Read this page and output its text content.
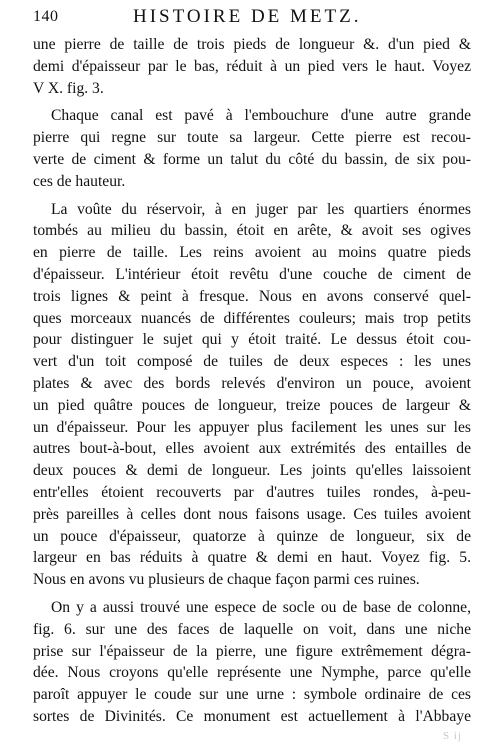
140	HISTOIRE DE METZ.
une pierre de taille de trois pieds de longueur &. d'un pied &
demi d'épaisseur par le bas, réduit à un pied vers le haut. Voyez
V X. fig. 3.
Chaque canal est pavé à l'embouchure d'une autre grande
pierre qui regne sur toute sa largeur. Cette pierre est recou-
verte de ciment & forme un talut du côté du bassin, de six pou-
ces de hauteur.
La voûte du réservoir, à en juger par les quartiers énormes
tombés au milieu du bassin, étoit en arête, & avoit ses ogives
en pierre de taille. Les reins avoient au moins quatre pieds
d'épaisseur. L'intérieur étoit revêtu d'une couche de ciment de
trois lignes & peint à fresque. Nous en avons conservé quel-
ques morceaux nuancés de différentes couleurs; mais trop petits
pour distinguer le sujet qui y étoit traité. Le dessus étoit cou-
vert d'un toit composé de tuiles de deux especes : les unes
plates & avec des bords relevés d'environ un pouce, avoient
un pied quâtre pouces de longueur, treize pouces de largeur &
un d'épaisseur. Pour les appuyer plus facilement les unes sur les
autres bout-à-bout, elles avoient aux extrémités des entailles de
deux pouces & demi de longueur. Les joints qu'elles laissoient
entr'elles étoient recouverts par d'autres tuiles rondes, à-peu-
près pareilles à celles dont nous faisons usage. Ces tuiles avoient
un pouce d'épaisseur, quatorze à quinze de longueur, six de
largeur en bas réduits à quatre & demi en haut. Voyez fig. 5.
Nous en avons vu plusieurs de chaque façon parmi ces ruines.
On y a aussi trouvé une espece de socle ou de base de colonne,
fig. 6. sur une des faces de laquelle on voit, dans une niche
prise sur l'épaisseur de la pierre, une figure extrêmement dégra-
dée. Nous croyons qu'elle représente une Nymphe, parce qu'elle
paroît appuyer le coude sur une urne : symbole ordinaire de ces
sortes de Divinités. Ce monument est actuellement à l'Abbaye
S ij
